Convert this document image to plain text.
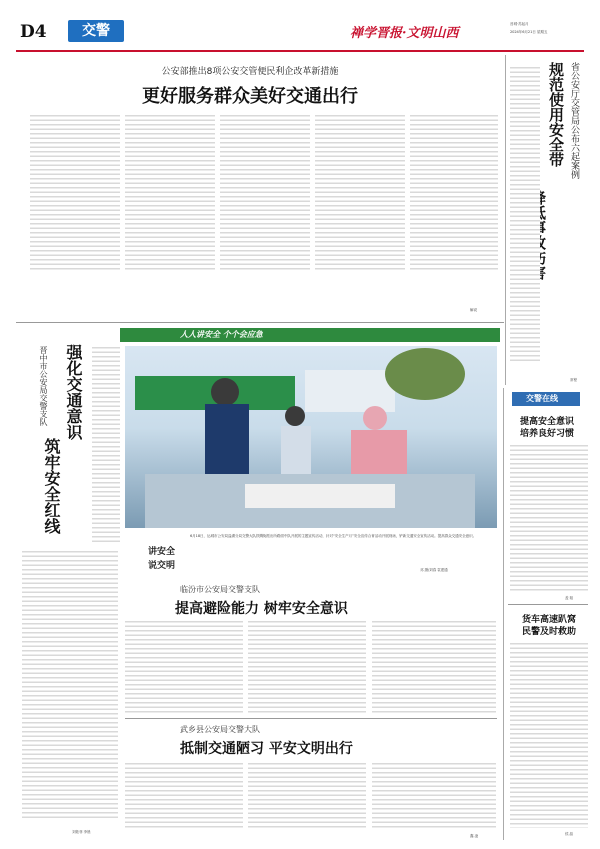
D4	交警	禅学晋报·文明山西
晋城·苏起月
2024年6月21日 星期五
公安部推出8项公安交管便民利企改革新措施
更好服务群众美好交通出行
解说
省公安厅交管局公布六起案例
规范使用安全带
常程
人人讲安全 个个会应急
晋中市公安局交警支队 强化交通意识
筑牢安全红线
刘姓菲 李晨
讲安全
说交明
6月18日，运城市公安局盐湖分局交警大队铁腾街派出所路面中队开展的主题宣传活动，针对“安全生产月”安全宣传合育活动开展现场，铲新交通安全宣传活动。提高群众交通安全意识。
邓 摄/刘春 袁建通
临汾市公安局交警支队
提高避险能力 树牢安全意识
武乡县公安局交警大队
抵制交通陋习 平安文明出行
鑫 凌
交警在线
提高安全意识
培养良好习惯
盖 姐
货车高速趴窝
民警及时救助
侯 晶
